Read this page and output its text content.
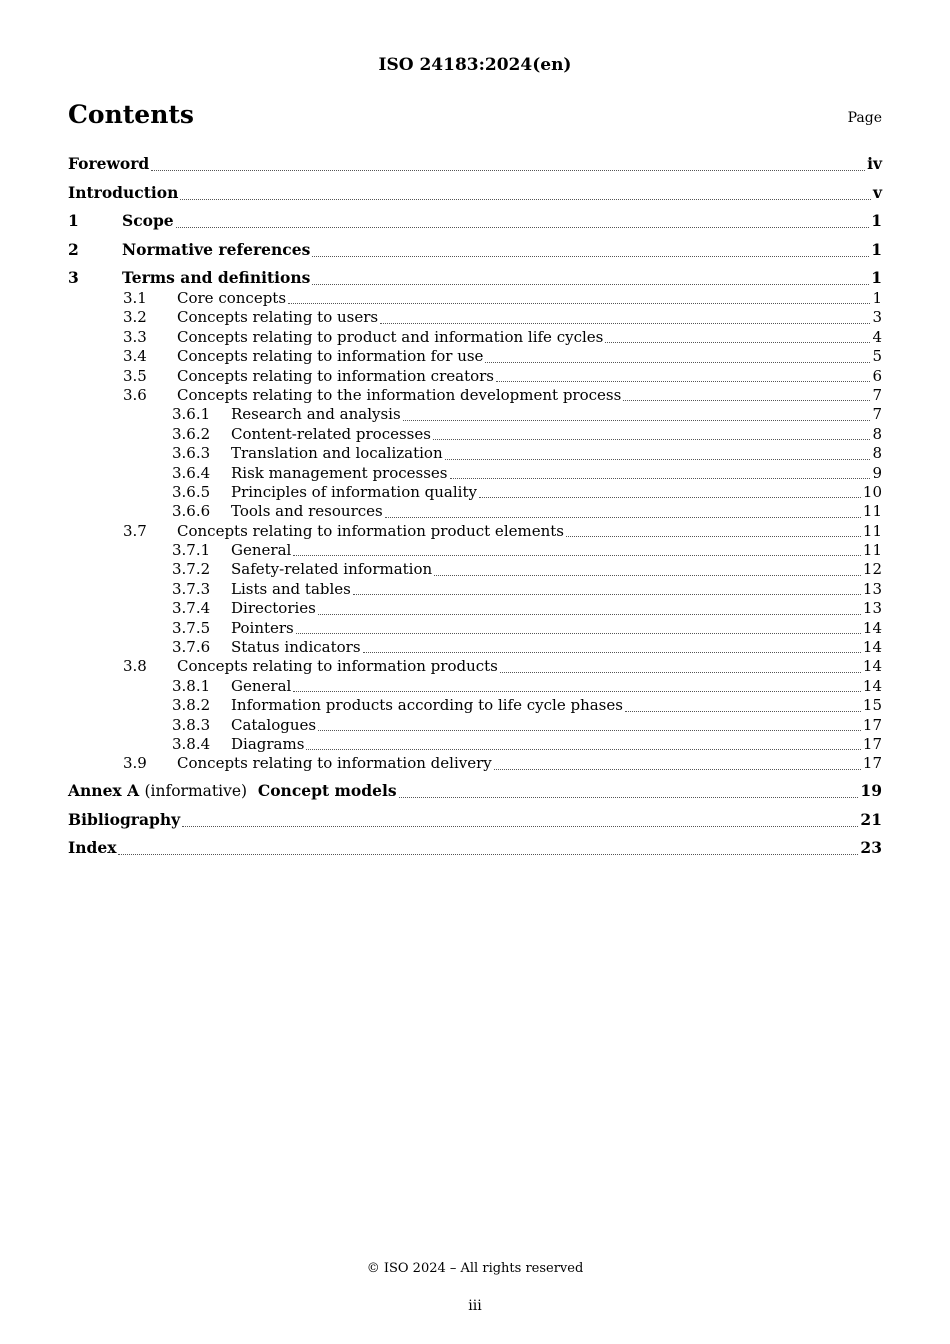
ISO 24183:2024(en)
Contents	Page
Foreword	iv
Introduction	v
1	Scope	1
2	Normative references	1
3	Terms and definitions	1
3.1	Core concepts	1
3.2	Concepts relating to users	3
3.3	Concepts relating to product and information life cycles	4
3.4	Concepts relating to information for use	5
3.5	Concepts relating to information creators	6
3.6	Concepts relating to the information development process	7
3.6.1	Research and analysis	7
3.6.2	Content-related processes	8
3.6.3	Translation and localization	8
3.6.4	Risk management processes	9
3.6.5	Principles of information quality	10
3.6.6	Tools and resources	11
3.7	Concepts relating to information product elements	11
3.7.1	General	11
3.7.2	Safety-related information	12
3.7.3	Lists and tables	13
3.7.4	Directories	13
3.7.5	Pointers	14
3.7.6	Status indicators	14
3.8	Concepts relating to information products	14
3.8.1	General	14
3.8.2	Information products according to life cycle phases	15
3.8.3	Catalogues	17
3.8.4	Diagrams	17
3.9	Concepts relating to information delivery	17
Annex A (informative) Concept models	19
Bibliography	21
Index	23
© ISO 2024 – All rights reserved
iii
